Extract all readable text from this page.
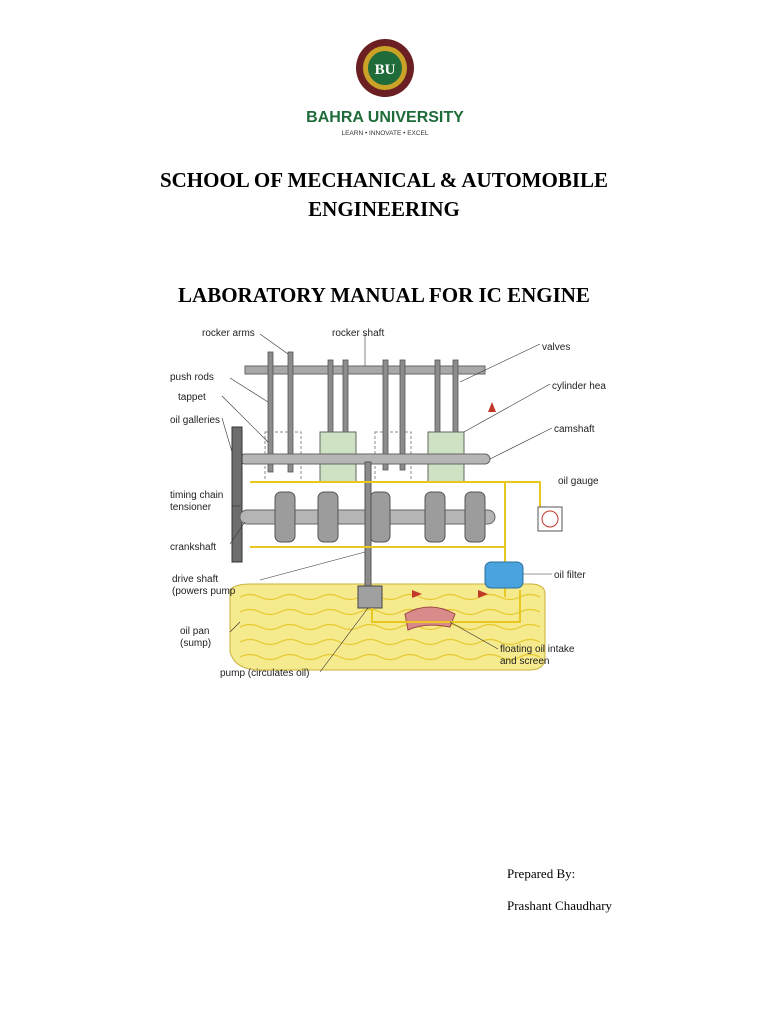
BU
BAHRA UNIVERSITY
LEARN • INNOVATE • EXCEL

SCHOOL OF MECHANICAL & AUTOMOBILE
ENGINEERING

LABORATORY MANUAL FOR IC ENGINE

rocker arms	rocker shaft
valves
push rods
cylinder hea
tappet
oil galleries
camshaft
oil gauge
timing chain
tensioner
crankshaft
drive shaft
(powers pump
oil filter
oil pan
(sump)
floating oil intake
and screen
pump (circulates oil)

Prepared By:

Prashant Chaudhary
